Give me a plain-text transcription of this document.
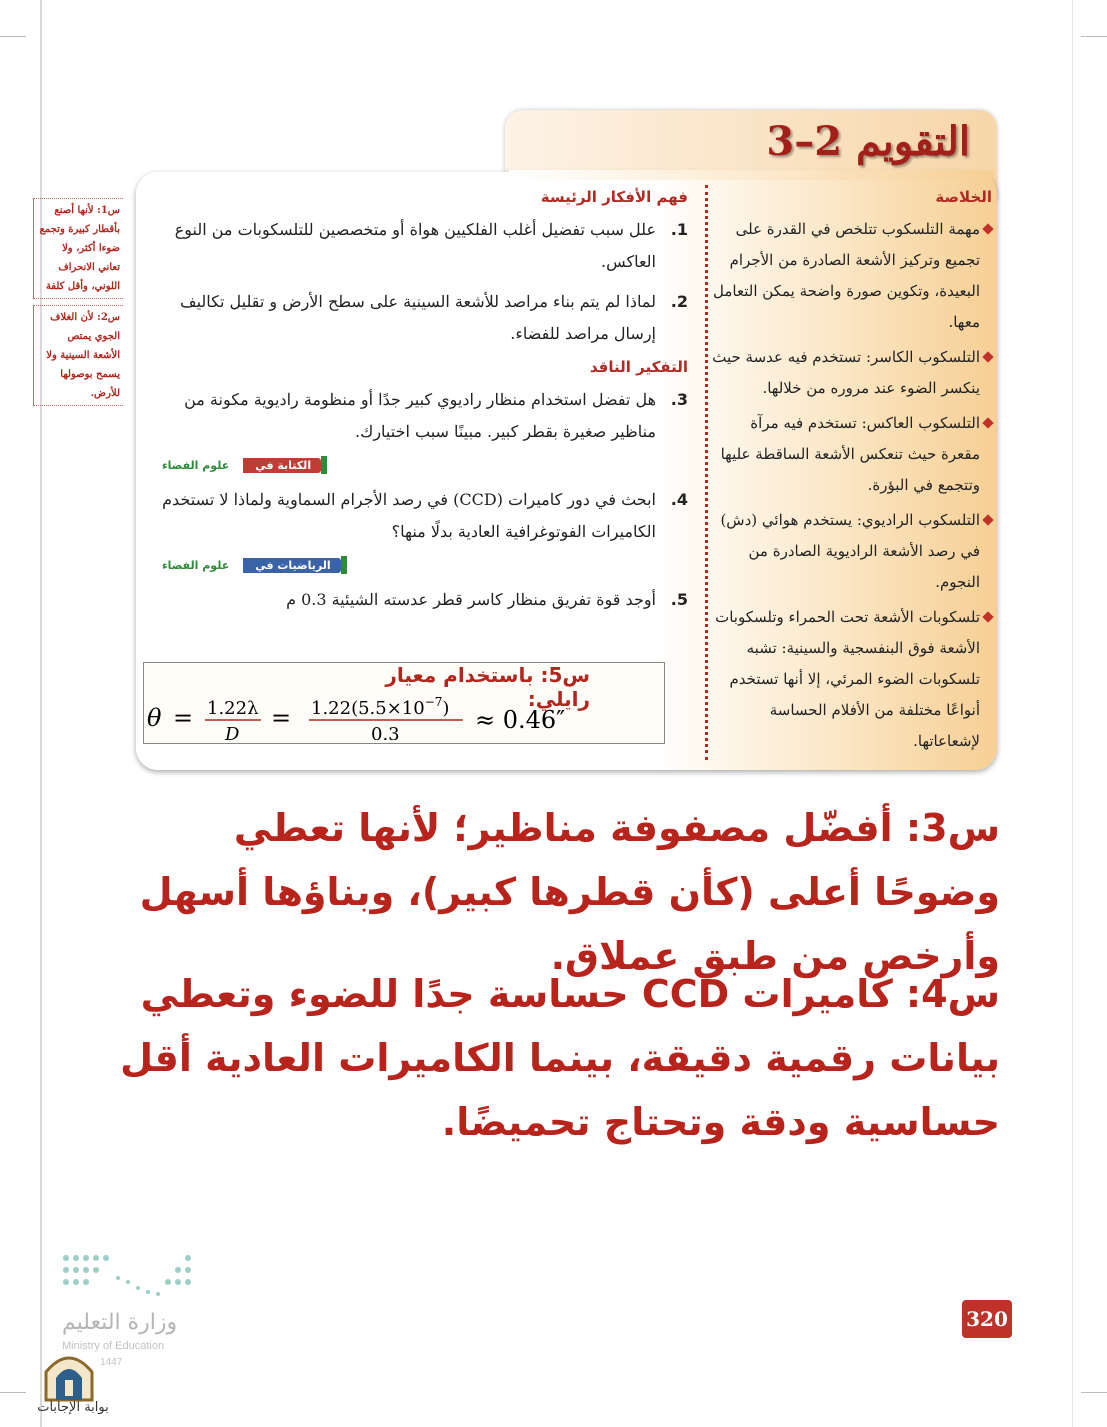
س1: لأنها أصنع بأقطار كبيرة وتجمع ضوءا أكثر، ولا تعاني الانحراف اللوني، وأقل كلفة
س2: لأن الغلاف الجوي يمتص الأشعة السينية ولا يسمح بوصولها للأرض.
التقويم 2–3
الخلاصة
مهمة التلسكوب تتلخص في القدرة على تجميع وتركيز الأشعة الصادرة من الأجرام البعيدة، وتكوين صورة واضحة يمكن التعامل معها.
التلسكوب الكاسر: تستخدم فيه عدسة حيث ينكسر الضوء عند مروره من خلالها.
التلسكوب العاكس: تستخدم فيه مرآة مقعرة حيث تنعكس الأشعة الساقطة عليها وتتجمع في البؤرة.
التلسكوب الراديوي: يستخدم هوائي (دش) في رصد الأشعة الراديوية الصادرة من النجوم.
تلسكوبات الأشعة تحت الحمراء وتلسكوبات الأشعة فوق البنفسجية والسينية: تشبه تلسكوبات الضوء المرئي، إلا أنها تستخدم أنواعًا مختلفة من الأفلام الحساسة لإشعاعاتها.
فهم الأفكار الرئيسة
1.
علل سبب تفضيل أغلب الفلكيين هواة أو متخصصين للتلسكوبات من النوع العاكس.
2.
لماذا لم يتم بناء مراصد للأشعة السينية على سطح الأرض و تقليل تكاليف إرسال مراصد للفضاء.
التفكير الناقد
3.
هل تفضل استخدام منظار راديوي كبير جدًا أو منظومة راديوية مكونة من مناظير صغيرة بقطر كبير. مبينًا سبب اختيارك.
الكتابة في
علوم الفضاء
4.
ابحث في دور كاميرات (CCD) في رصد الأجرام السماوية ولماذا لا تستخدم الكاميرات الفوتوغرافية العادية بدلًا منها؟
الرياضيات في
علوم الفضاء
5.
أوجد قوة تفريق منظار كاسر قطر عدسته الشيئية 0.3 م
س5: باستخدام معيار رايلي:
θ = 1.22λ
D
= $1.22(5.5\times 10^{-7})$
0.3
≈ 0.46″
س3: أفضّل مصفوفة مناظير؛ لأنها تعطي وضوحًا أعلى (كأن قطرها كبير)، وبناؤها أسهل وأرخص من طبق عملاق.
س4: كاميرات CCD حساسة جدًا للضوء وتعطي بيانات رقمية دقيقة، بينما الكاميرات العادية أقل حساسية ودقة وتحتاج تحميضًا.
وزارة التعليم
Ministry of Education
1447
بوابة الإجابات
320
